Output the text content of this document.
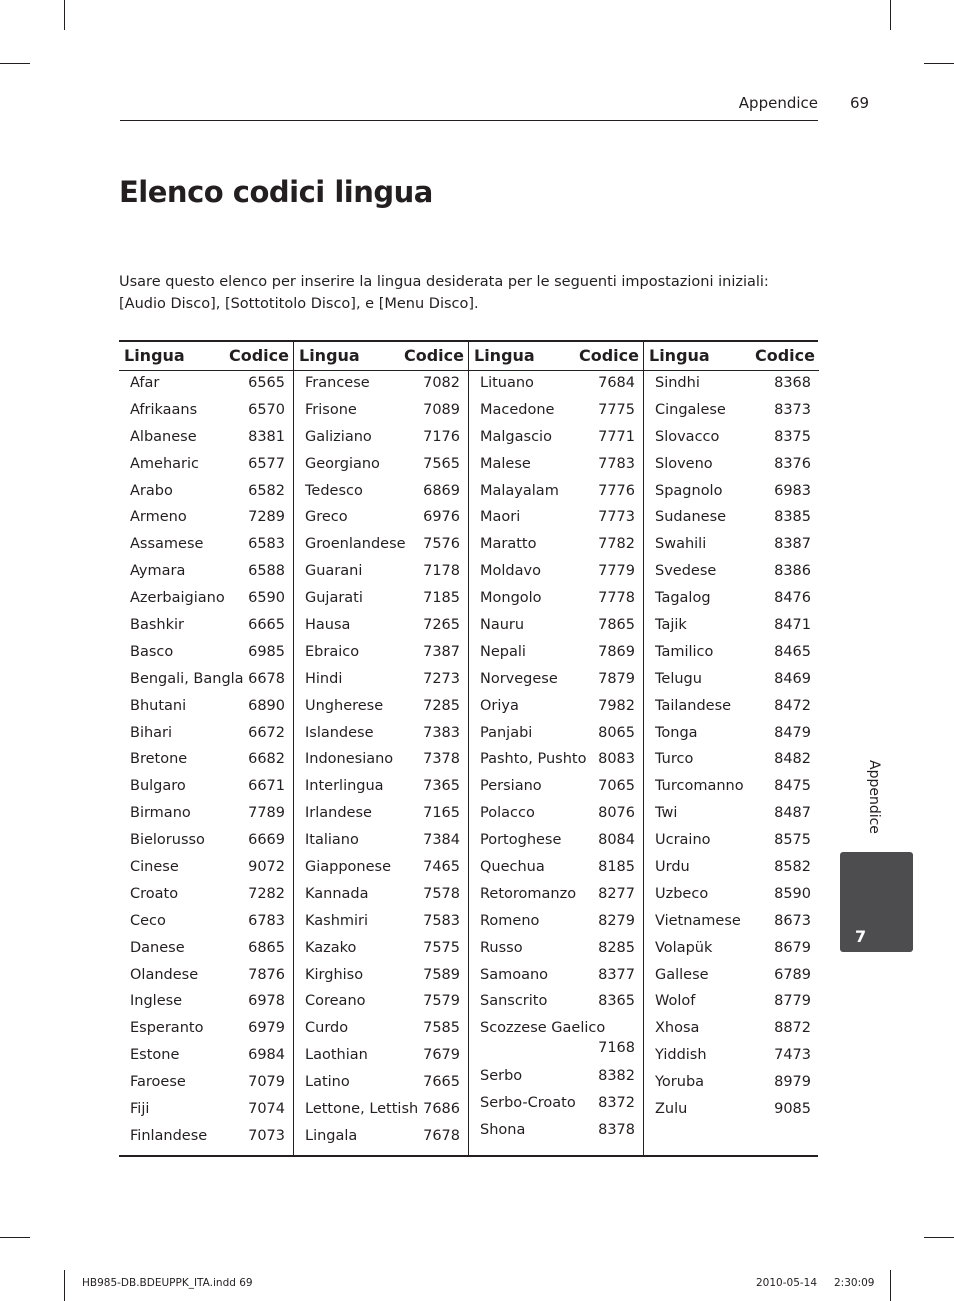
Appendice 69
Elenco codici lingua

Usare questo elenco per inserire la lingua desiderata per le seguenti impostazioni iniziali:

[Audio Disco], [Sottotitolo Disco], e [Menu Disco].

Lingua	Codice
Afar	6565
Afrikaans	6570
Albanese	8381
Ameharic	6577
Arabo	6582
Armeno	7289
Assamese	6583
Aymara	6588
Azerbaigiano 6590
Bashkir	6665
Basco	6985
Bengali, Bangla 6678
Bhutani	6890
Bihari	6672
Bretone	6682
Bulgaro	6671
Birmano	7789
Bielorusso	6669
Cinese	9072
Croato	7282
Ceco	6783
Danese	6865
Olandese	7876
Inglese	6978
Esperanto	6979
Estone	6984
Faroese	7079
Fiji	7074
Finlandese	7073
Lingua	Codice
Francese	7082
Frisone	7089
Galiziano	7176
Georgiano	7565
Tedesco	6869
Greco	6976
Groenlandese 7576
Guarani	7178
Gujarati	7185
Hausa	7265
Ebraico	7387
Hindi	7273
Ungherese	7285
Islandese	7383
Indonesiano 7378
Interlingua	7365
Irlandese	7165
Italiano	7384
Giapponese 7465
Kannada	7578
Kashmiri	7583
Kazako	7575
Kirghiso	7589
Coreano	7579
Curdo	7585
Laothian	7679
Latino	7665
Lettone, Lettish 7686
Lingala	7678
Lingua	Codice
Lituano	7684
Macedone	7775
Malgascio	7771
Malese	7783
Malayalam	7776
Maori	7773
Maratto	7782
Moldavo	7779
Mongolo	7778
Nauru	7865
Nepali	7869
Norvegese	7879
Oriya	7982
Panjabi	8065
Pashto, Pushto 8083
Persiano	7065
Polacco	8076
Portoghese	8084
Quechua	8185
Retoromanzo 8277
Romeno	8279
Russo	8285
Samoano	8377
Sanscrito	8365
Scozzese Gaelico
7168
Serbo	8382
Serbo-Croato 8372
Shona	8378
Lingua	Codice
Sindhi	8368
Cingalese	8373
Slovacco	8375
Sloveno	8376
Spagnolo	6983
Sudanese	8385
Swahili	8387
Svedese	8386
Tagalog	8476
Tajik	8471
Tamilico	8465
Telugu	8469
Tailandese	8472
Tonga	8479
Turco	8482
Turcomanno 8475
Twi	8487
Ucraino	8575
Urdu	8582
Uzbeco	8590
Vietnamese 8673
Volapük	8679
Gallese	6789
Wolof	8779
Xhosa	8872
Yiddish	7473
Yoruba	8979
Zulu	9085
Appendice
7
HB985-DB.BDEUPPK_ITA.indd 69	2010-05-14 2:30:09
